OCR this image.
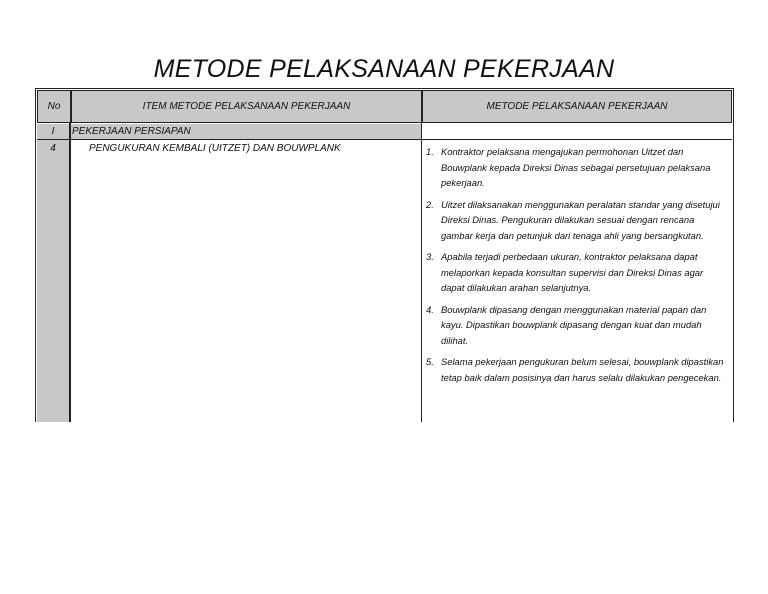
METODE PELAKSANAAN PEKERJAAN
No	ITEM METODE PELAKSANAAN PEKERJAAN	METODE PELAKSANAAN PEKERJAAN
I	PEKERJAAN PERSIAPAN
4	PENGUKURAN KEMBALI (UITZET) DAN BOUWPLANK	1. Kontraktor pelaksana mengajukan permohonan Uitzet dan Bouwplank kepada Direksi Dinas sebagai persetujuan pelaksana pekerjaan.
2. Uitzet dilaksanakan menggunakan peralatan standar yang disetujui Direksi Dinas. Pengukuran dilakukan sesuai dengan rencana gambar kerja dan petunjuk dari tenaga ahli yang bersangkutan.
3. Apabila terjadi perbedaan ukuran, kontraktor pelaksana dapat melaporkan kepada konsultan supervisi dan Direksi Dinas agar dapat dilakukan arahan selanjutnya.
4. Bouwplank dipasang dengan menggunakan material papan dan kayu. Dipastikan bouwplank dipasang dengan kuat dan mudah dilihat.
5. Selama pekerjaan pengukuran belum selesai, bouwplank dipastikan tetap baik dalam posisinya dan harus selalu dilakukan pengecekan.
